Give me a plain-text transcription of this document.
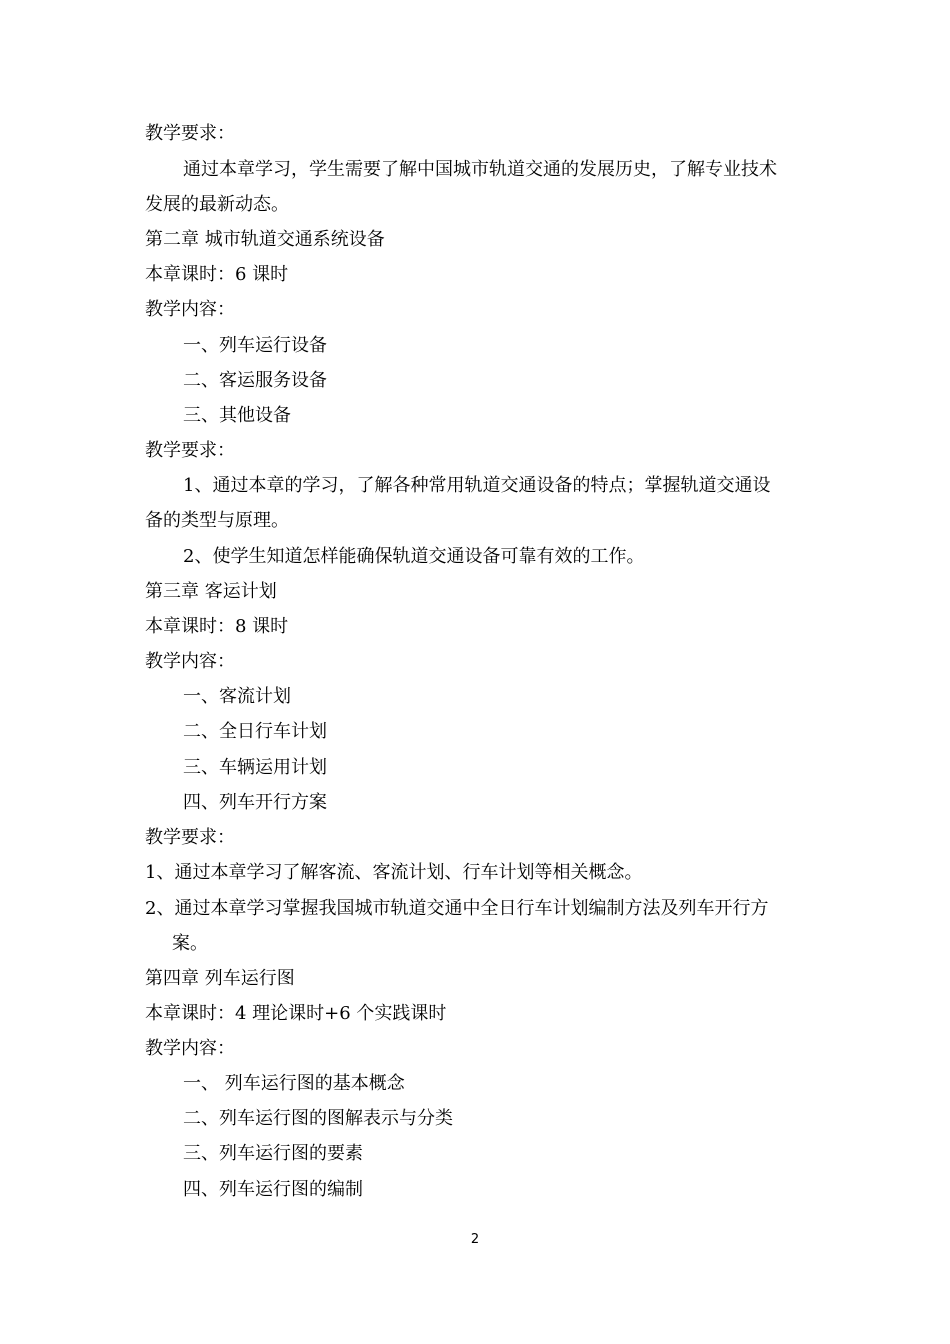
教学要求：
通过本章学习，学生需要了解中国城市轨道交通的发展历史，了解专业技术
发展的最新动态。
第二章 城市轨道交通系统设备
本章课时：6 课时
教学内容：
一、列车运行设备
二、客运服务设备
三、其他设备
教学要求：
1、通过本章的学习，了解各种常用轨道交通设备的特点；掌握轨道交通设
备的类型与原理。
2、使学生知道怎样能确保轨道交通设备可靠有效的工作。
第三章 客运计划
本章课时：8 课时
教学内容：
一、客流计划
二、全日行车计划
三、车辆运用计划
四、列车开行方案
教学要求：
1、通过本章学习了解客流、客流计划、行车计划等相关概念。
2、通过本章学习掌握我国城市轨道交通中全日行车计划编制方法及列车开行方
案。
第四章 列车运行图
本章课时：4 理论课时+6 个实践课时
教学内容：
一、 列车运行图的基本概念
二、列车运行图的图解表示与分类
三、列车运行图的要素
四、列车运行图的编制
2
